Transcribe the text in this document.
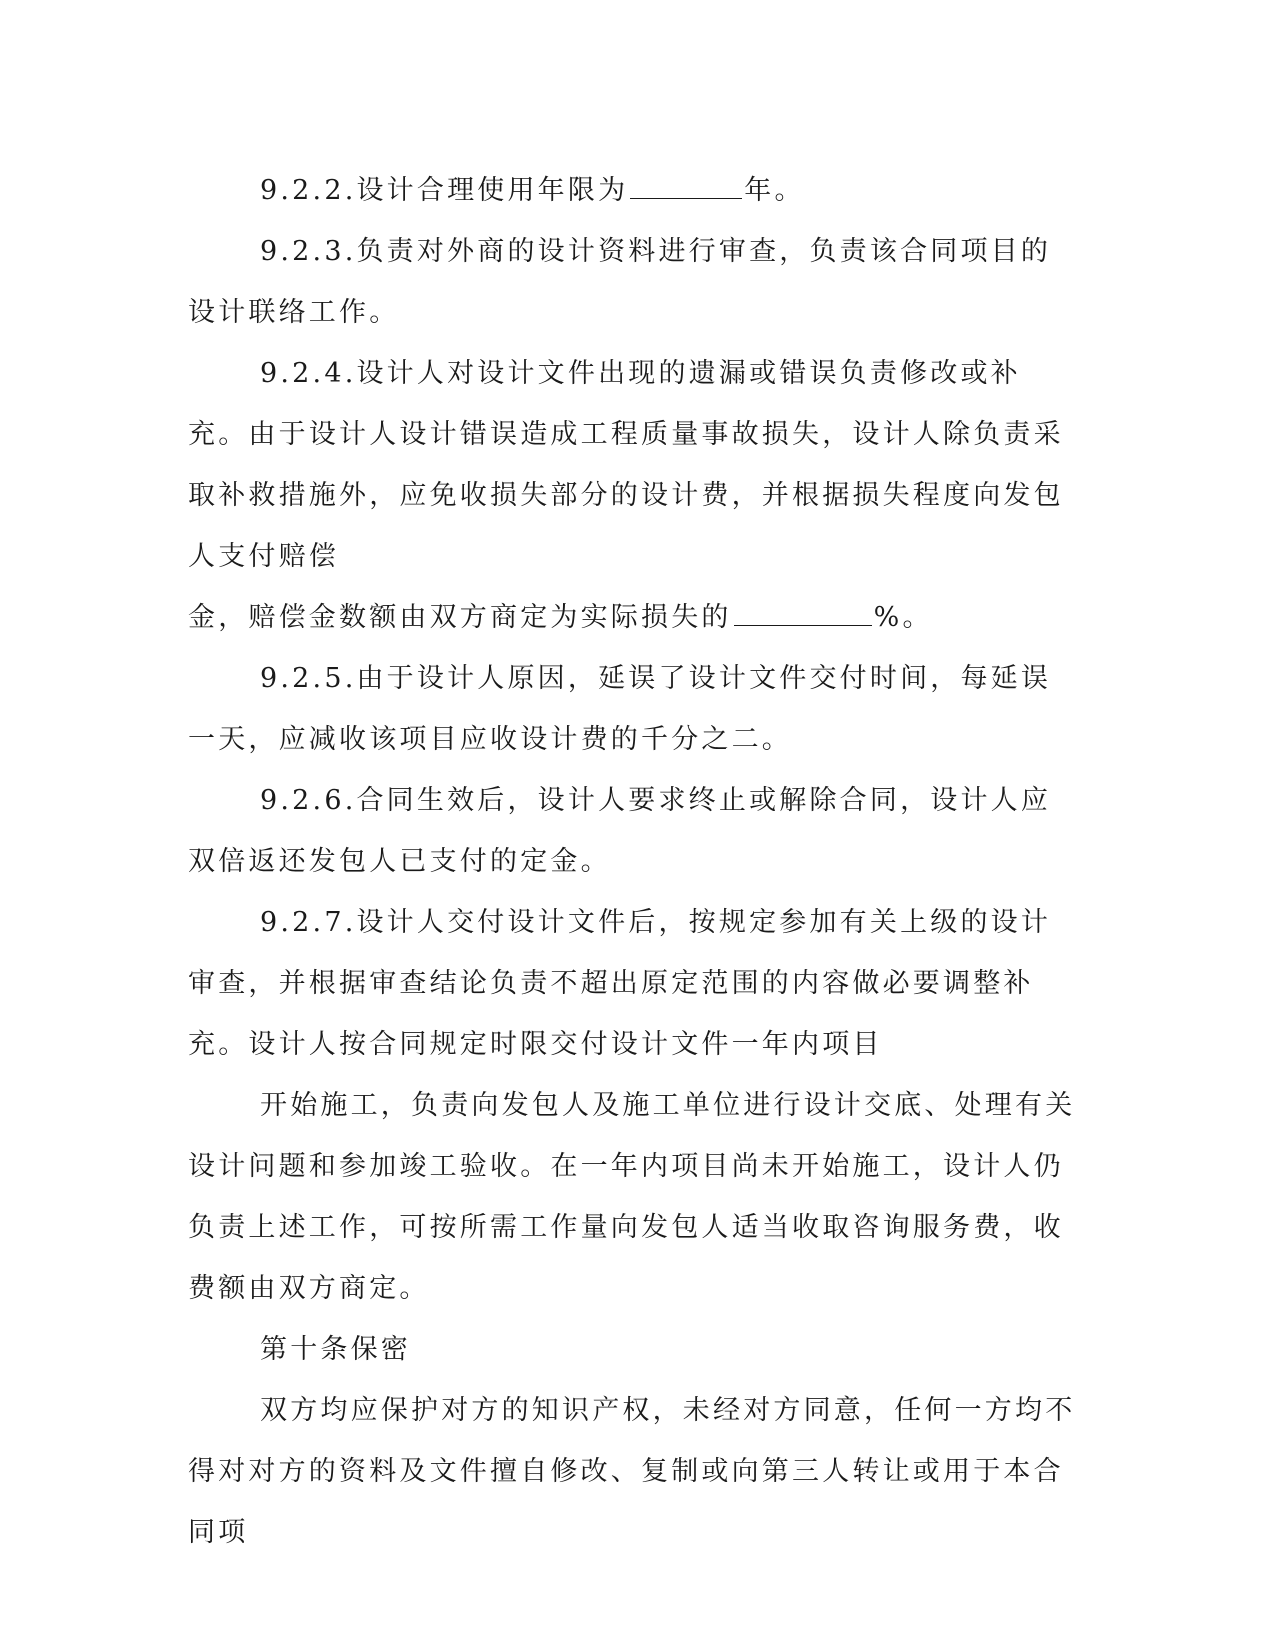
9.2.2.设计合理使用年限为	年。

9.2.3.负责对外商的设计资料进行审查，负责该合同项目的设计联络工作。

9.2.4.设计人对设计文件出现的遗漏或错误负责修改或补充。由于设计人设计错误造成工程质量事故损失，设计人除负责采取补救措施外，应免收损失部分的设计费，并根据损失程度向发包人支付赔偿金，赔偿金数额由双方商定为实际损失的	%。

9.2.5.由于设计人原因，延误了设计文件交付时间，每延误一天，应减收该项目应收设计费的千分之二。

9.2.6.合同生效后，设计人要求终止或解除合同，设计人应双倍返还发包人已支付的定金。

9.2.7.设计人交付设计文件后，按规定参加有关上级的设计审查，并根据审查结论负责不超出原定范围的内容做必要调整补充。设计人按合同规定时限交付设计文件一年内项目

开始施工，负责向发包人及施工单位进行设计交底、处理有关设计问题和参加竣工验收。在一年内项目尚未开始施工，设计人仍负责上述工作，可按所需工作量向发包人适当收取咨询服务费，收费额由双方商定。

第十条保密

双方均应保护对方的知识产权，未经对方同意，任何一方均不得对对方的资料及文件擅自修改、复制或向第三人转让或用于本合同项
